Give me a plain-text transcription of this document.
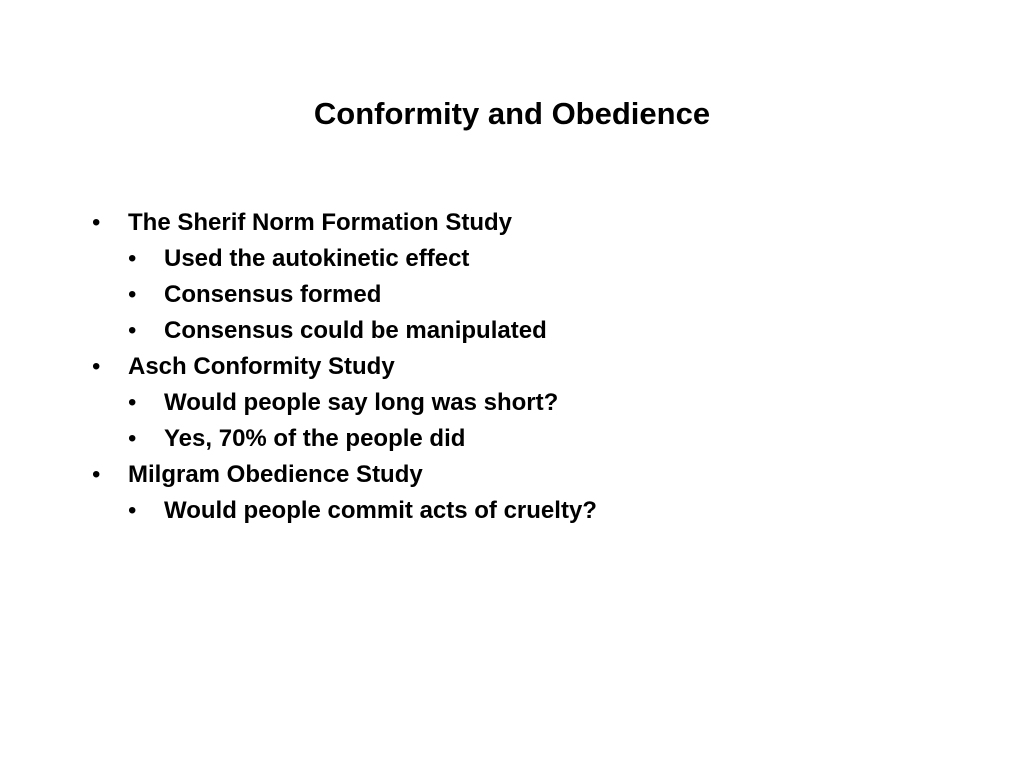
Conformity and Obedience
• The Sherif Norm Formation Study
• Used the autokinetic effect
• Consensus formed
• Consensus could be manipulated
• Asch Conformity Study
• Would people say long was short?
• Yes, 70% of the people did
• Milgram Obedience Study
• Would people commit acts of cruelty?
